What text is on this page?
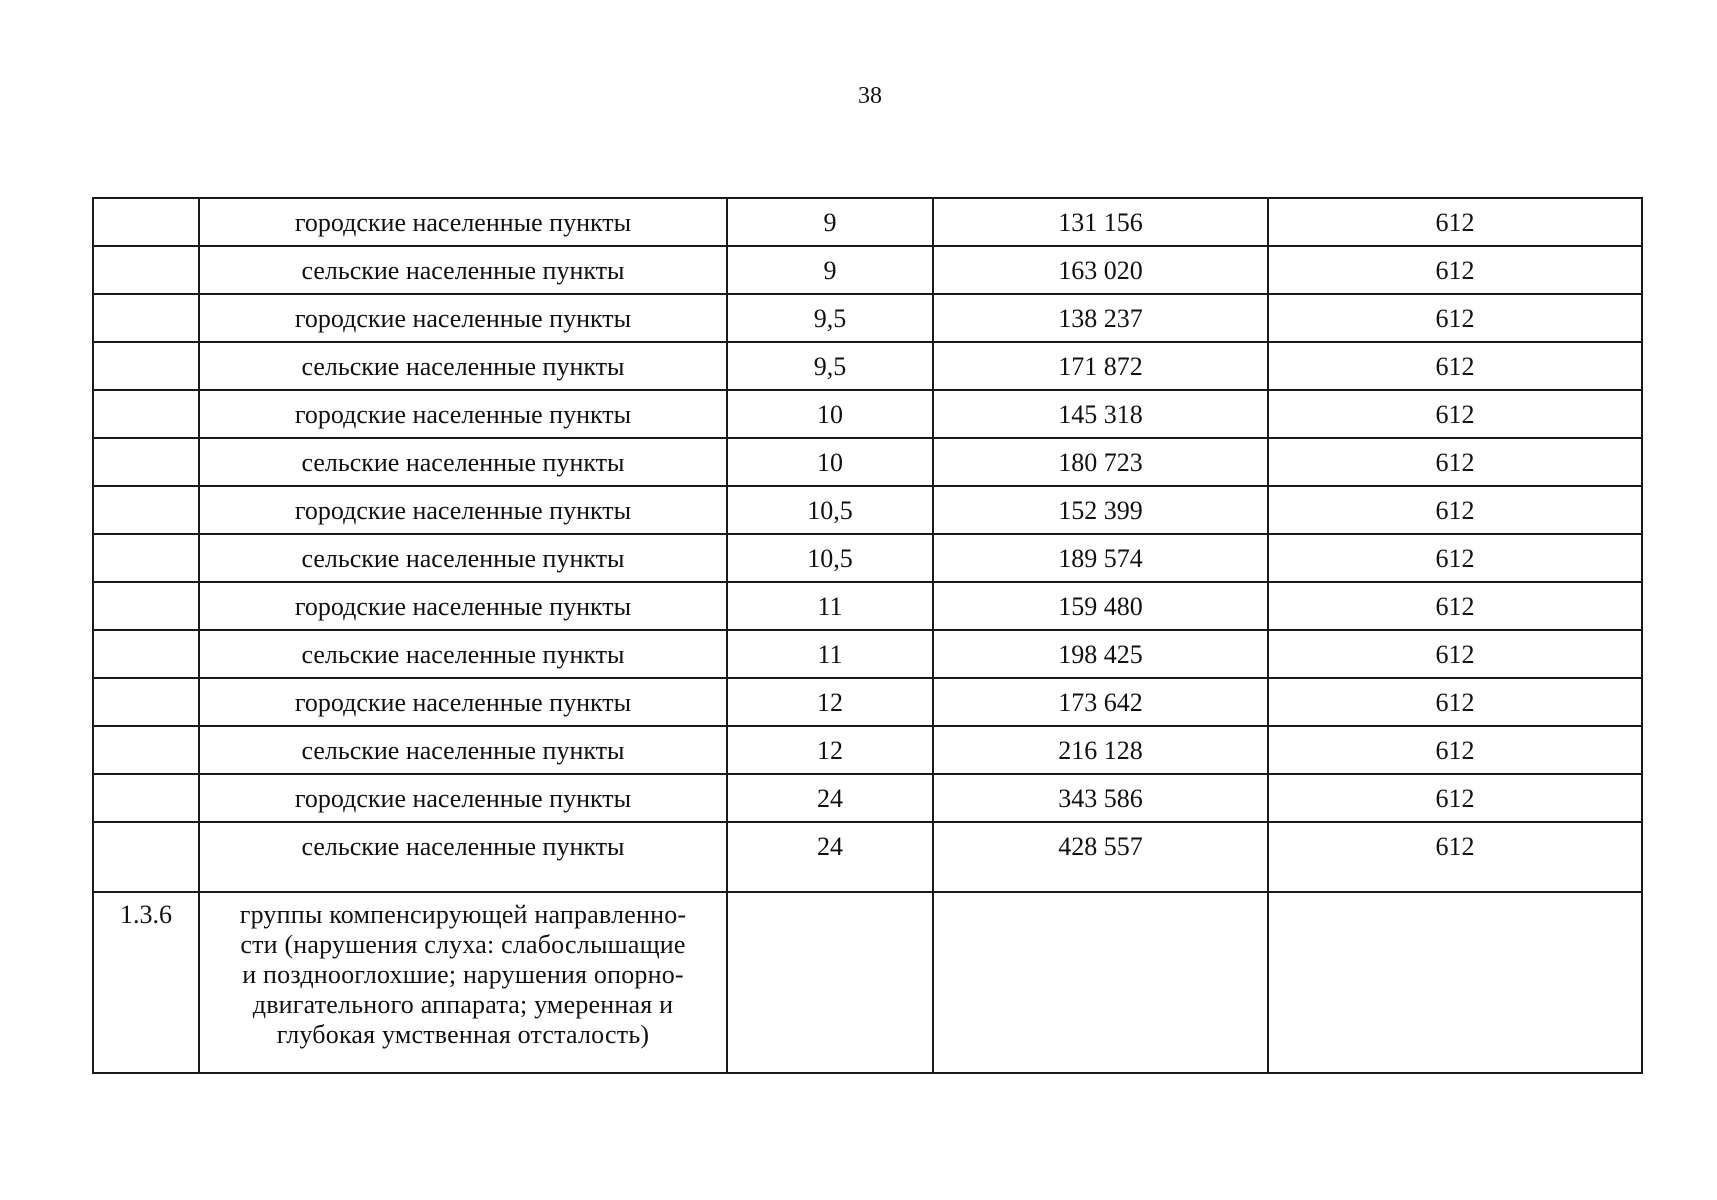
38
	городские населенные пункты	9	131 156	612
	сельские населенные пункты	9	163 020	612
	городские населенные пункты	9,5	138 237	612
	сельские населенные пункты	9,5	171 872	612
	городские населенные пункты	10	145 318	612
	сельские населенные пункты	10	180 723	612
	городские населенные пункты	10,5	152 399	612
	сельские населенные пункты	10,5	189 574	612
	городские населенные пункты	11	159 480	612
	сельские населенные пункты	11	198 425	612
	городские населенные пункты	12	173 642	612
	сельские населенные пункты	12	216 128	612
	городские населенные пункты	24	343 586	612
	сельские населенные пункты	24	428 557	612
1.3.6	группы компенсирующей направленно-
сти (нарушения слуха: слабослышащие
и позднооглохшие; нарушения опорно-
двигательного аппарата; умеренная и
глубокая умственная отсталость)			
